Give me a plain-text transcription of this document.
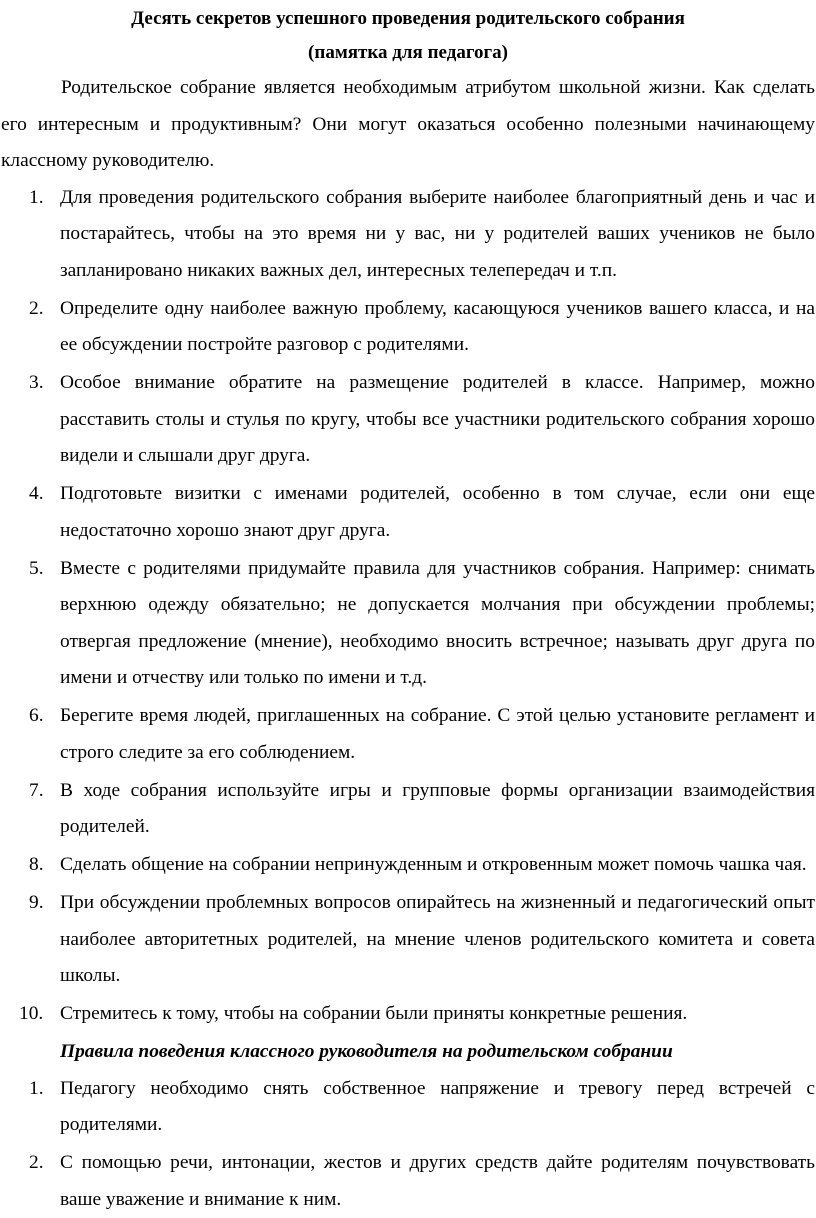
Десять секретов успешного проведения родительского собрания

(памятка для педагога)

Родительское собрание является необходимым атрибутом школьной жизни. Как сделать его интересным и продуктивным? Они могут оказаться особенно полезными начинающему классному руководителю.

1. Для проведения родительского собрания выберите наиболее благоприятный день и час и постарайтесь, чтобы на это время ни у вас, ни у родителей ваших учеников не было запланировано никаких важных дел, интересных телепередач и т.п.
2. Определите одну наиболее важную проблему, касающуюся учеников вашего класса, и на ее обсуждении постройте разговор с родителями.
3. Особое внимание обратите на размещение родителей в классе. Например, можно расставить столы и стулья по кругу, чтобы все участники родительского собрания хорошо видели и слышали друг друга.
4. Подготовьте визитки с именами родителей, особенно в том случае, если они еще недостаточно хорошо знают друг друга.
5. Вместе с родителями придумайте правила для участников собрания. Например: снимать верхнюю одежду обязательно; не допускается молчания при обсуждении проблемы; отвергая предложение (мнение), необходимо вносить встречное; называть друг друга по имени и отчеству или только по имени и т.д.
6. Берегите время людей, приглашенных на собрание. С этой целью установите регламент и строго следите за его соблюдением.
7. В ходе собрания используйте игры и групповые формы организации взаимодействия родителей.
8. Сделать общение на собрании непринужденным и откровенным может помочь чашка чая.
9. При обсуждении проблемных вопросов опирайтесь на жизненный и педагогический опыт наиболее авторитетных родителей, на мнение членов родительского комитета и совета школы.
10. Стремитесь к тому, чтобы на собрании были приняты конкретные решения.

Правила поведения классного руководителя на родительском собрании

1. Педагогу необходимо снять собственное напряжение и тревогу перед встречей с родителями.
2. С помощью речи, интонации, жестов и других средств дайте родителям почувствовать ваше уважение и внимание к ним.
